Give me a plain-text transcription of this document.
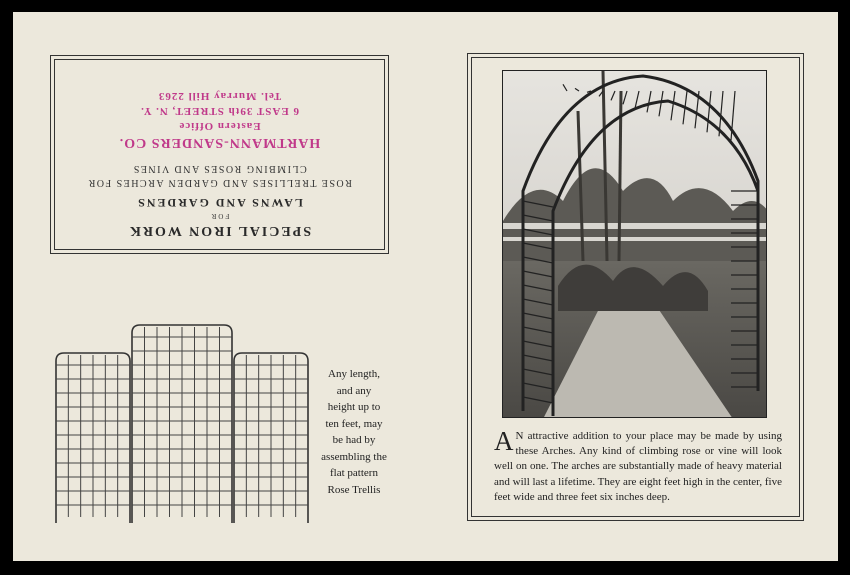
SPECIAL IRON WORK
FOR
LAWNS AND GARDENS
ROSE TRELLISES AND GARDEN ARCHES FOR
CLIMBING ROSES AND VINES
HARTMANN-SANDERS CO.
Eastern Office
6 EAST 39th STREET, N. Y.
Tel. Murray Hill 2263
Any length,
and any
height up to
ten feet, may
be had by
assembling the
flat pattern
Rose Trellis
A N attractive addition to your place may be made by using these Arches. Any kind of climbing rose or vine will look well on one. The arches are substantially made of heavy material and will last a lifetime. They are eight feet high in the center, five feet wide and three feet six inches deep.
